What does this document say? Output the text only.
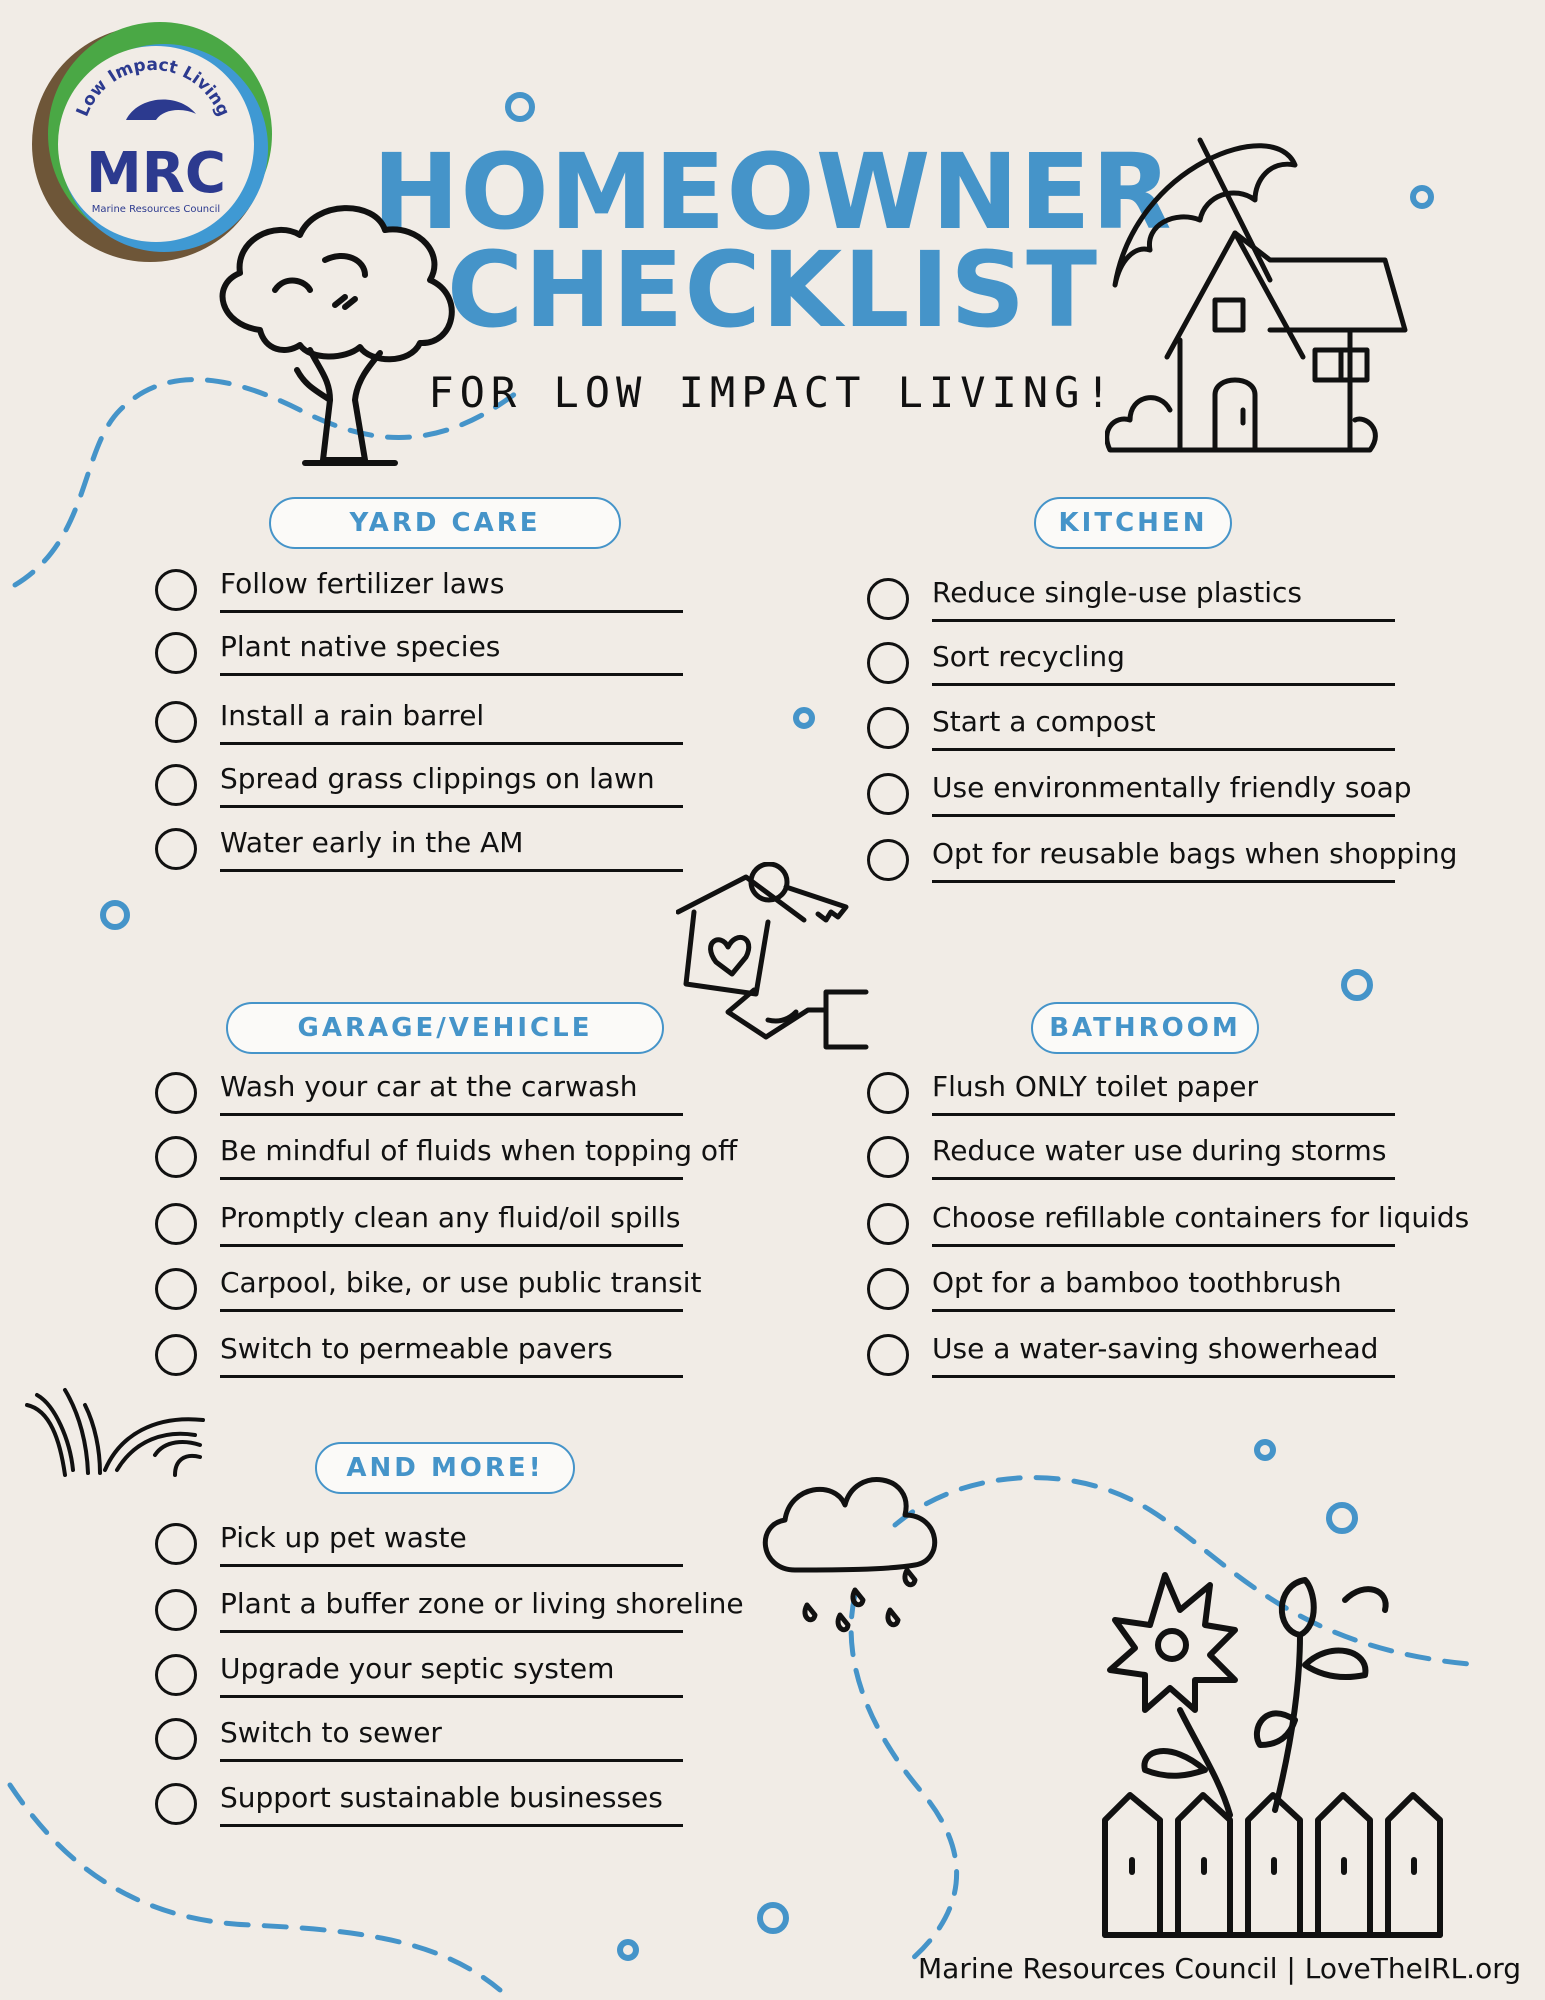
Low Impact Living
MRC
Marine Resources Council	HOMEOWNER
CHECKLIST
FOR LOW IMPACT LIVING!
YARD CARE
Follow fertilizer laws
Plant native species
Install a rain barrel
Spread grass clippings on lawn
Water early in the AM
KITCHEN
Reduce single-use plastics
Sort recycling
Start a compost
Use environmentally friendly soap
Opt for reusable bags when shopping
GARAGE/VEHICLE
Wash your car at the carwash
Be mindful of fluids when topping off
Promptly clean any fluid/oil spills
Carpool, bike, or use public transit
Switch to permeable pavers
BATHROOM
Flush ONLY toilet paper
Reduce water use during storms
Choose refillable containers for liquids
Opt for a bamboo toothbrush
Use a water-saving showerhead
AND MORE!
Pick up pet waste
Plant a buffer zone or living shoreline
Upgrade your septic system
Switch to sewer
Support sustainable businesses
Marine Resources Council | LoveTheIRL.org
